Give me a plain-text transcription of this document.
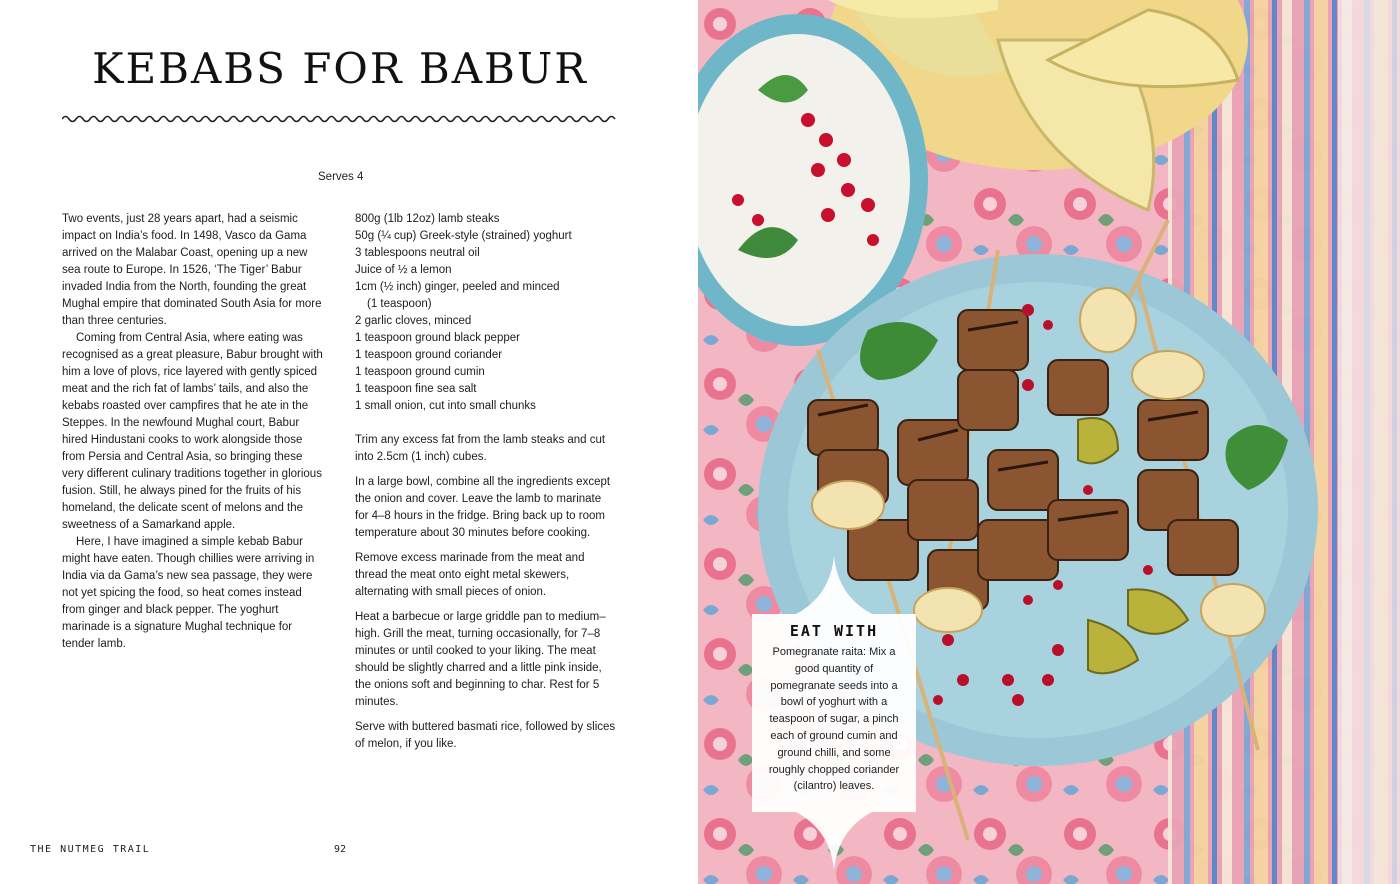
KEBABS FOR BABUR
Serves 4

Two events, just 28 years apart, had a seismic impact on India’s food. In 1498, Vasco da Gama arrived on the Malabar Coast, opening up a new sea route to Europe. In 1526, ‘The Tiger’ Babur invaded India from the North, founding the great Mughal empire that dominated South Asia for more than three centuries.

Coming from Central Asia, where eating was recognised as a great pleasure, Babur brought with him a love of plovs, rice layered with gently spiced meat and the rich fat of lambs’ tails, and also the kebabs roasted over campfires that he ate in the Steppes. In the newfound Mughal court, Babur hired Hindustani cooks to work alongside those from Persia and Central Asia, so bringing these very different culinary traditions together in glorious fusion. Still, he always pined for the fruits of his homeland, the delicate scent of melons and the sweetness of a Samarkand apple.

Here, I have imagined a simple kebab Babur might have eaten. Though chillies were arriving in India via da Gama’s new sea passage, they were not yet spicing the food, so heat comes instead from ginger and black pepper. The yoghurt marinade is a signature Mughal technique for tender lamb.

800g (1lb 12oz) lamb steaks
50g (¼ cup) Greek-style (strained) yoghurt
3 tablespoons neutral oil
Juice of ½ a lemon
1cm (½ inch) ginger, peeled and minced
(1 teaspoon)
2 garlic cloves, minced
1 teaspoon ground black pepper
1 teaspoon ground coriander
1 teaspoon ground cumin
1 teaspoon fine sea salt
1 small onion, cut into small chunks

Trim any excess fat from the lamb steaks and cut into 2.5cm (1 inch) cubes.

In a large bowl, combine all the ingredients except the onion and cover. Leave the lamb to marinate for 4–8 hours in the fridge. Bring back up to room temperature about 30 minutes before cooking.

Remove excess marinade from the meat and thread the meat onto eight metal skewers, alternating with small pieces of onion.

Heat a barbecue or large griddle pan to medium–high. Grill the meat, turning occasionally, for 7–8 minutes or until cooked to your liking. The meat should be slightly charred and a little pink inside, the onions soft and beginning to char. Rest for 5 minutes.

Serve with buttered basmati rice, followed by slices of melon, if you like.

THE NUTMEG TRAIL	92
EAT WITH
Pomegranate raita: Mix a good quantity of pomegranate seeds into a bowl of yoghurt with a teaspoon of sugar, a pinch each of ground cumin and ground chilli, and some roughly chopped coriander (cilantro) leaves.
